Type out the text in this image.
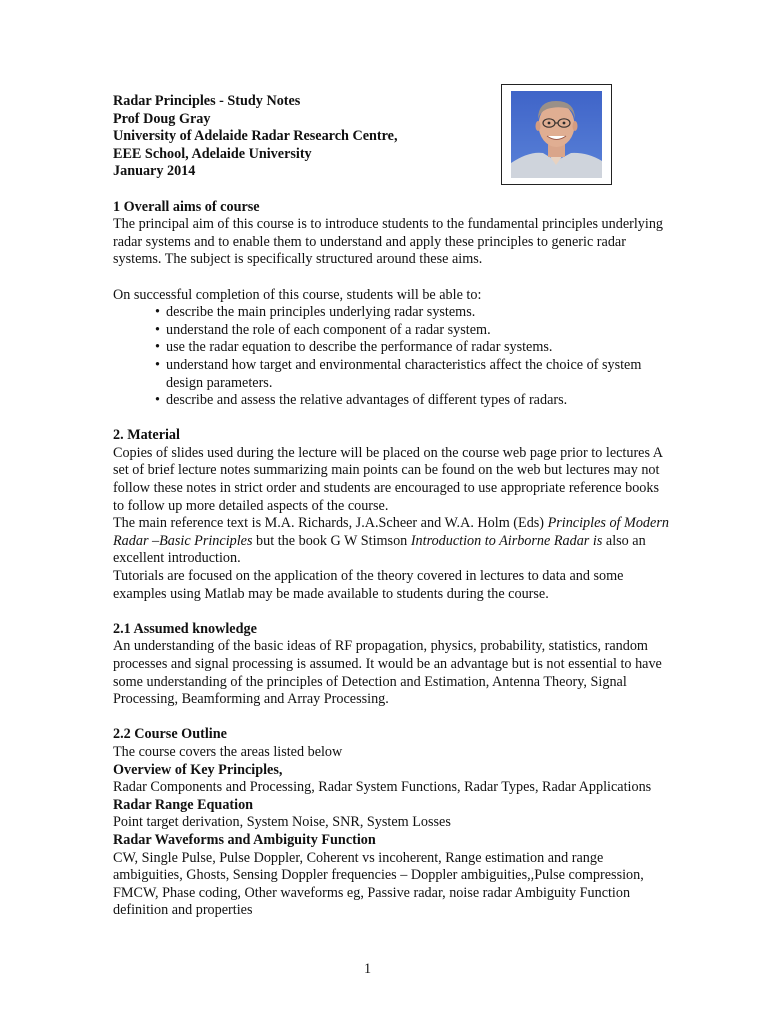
Radar Principles - Study Notes

Prof Doug Gray

University of Adelaide Radar Research Centre,

EEE School, Adelaide University

January 2014

1 Overall aims of course

The principal aim of this course is to introduce students to the fundamental principles underlying radar systems and to enable them to understand and apply these principles to generic radar systems. The subject is specifically structured around these aims.

On successful completion of this course, students will be able to:

• describe the main principles underlying radar systems.
• understand the role of each component of a radar system.
• use the radar equation to describe the performance of radar systems.
• understand how target and environmental characteristics affect the choice of system design parameters.
• describe and assess the relative advantages of different types of radars.

2. Material

Copies of slides used during the lecture will be placed on the course web page prior to lectures A set of brief lecture notes summarizing main points can be found on the web but lectures may not follow these notes in strict order and students are encouraged to use appropriate reference books to follow up more detailed aspects of the course.

The main reference text is M.A. Richards, J.A.Scheer and W.A. Holm (Eds) Principles of Modern Radar –Basic Principles but the book G W Stimson Introduction to Airborne Radar is also an excellent introduction.

Tutorials are focused on the application of the theory covered in lectures to data and some examples using Matlab may be made available to students during the course.

2.1 Assumed knowledge

An understanding of the basic ideas of RF propagation, physics, probability, statistics, random processes and signal processing is assumed. It would be an advantage but is not essential to have some understanding of the principles of Detection and Estimation, Antenna Theory, Signal Processing, Beamforming and Array Processing.

2.2 Course Outline

The course covers the areas listed below

Overview of Key Principles,

Radar Components and Processing, Radar System Functions, Radar Types, Radar Applications

Radar Range Equation

Point target derivation, System Noise, SNR, System Losses

Radar Waveforms and Ambiguity Function

CW, Single Pulse, Pulse Doppler, Coherent vs incoherent, Range estimation and range ambiguities, Ghosts, Sensing Doppler frequencies – Doppler ambiguities,,Pulse compression, FMCW, Phase coding, Other waveforms eg, Passive radar, noise radar Ambiguity Function definition and properties

1
